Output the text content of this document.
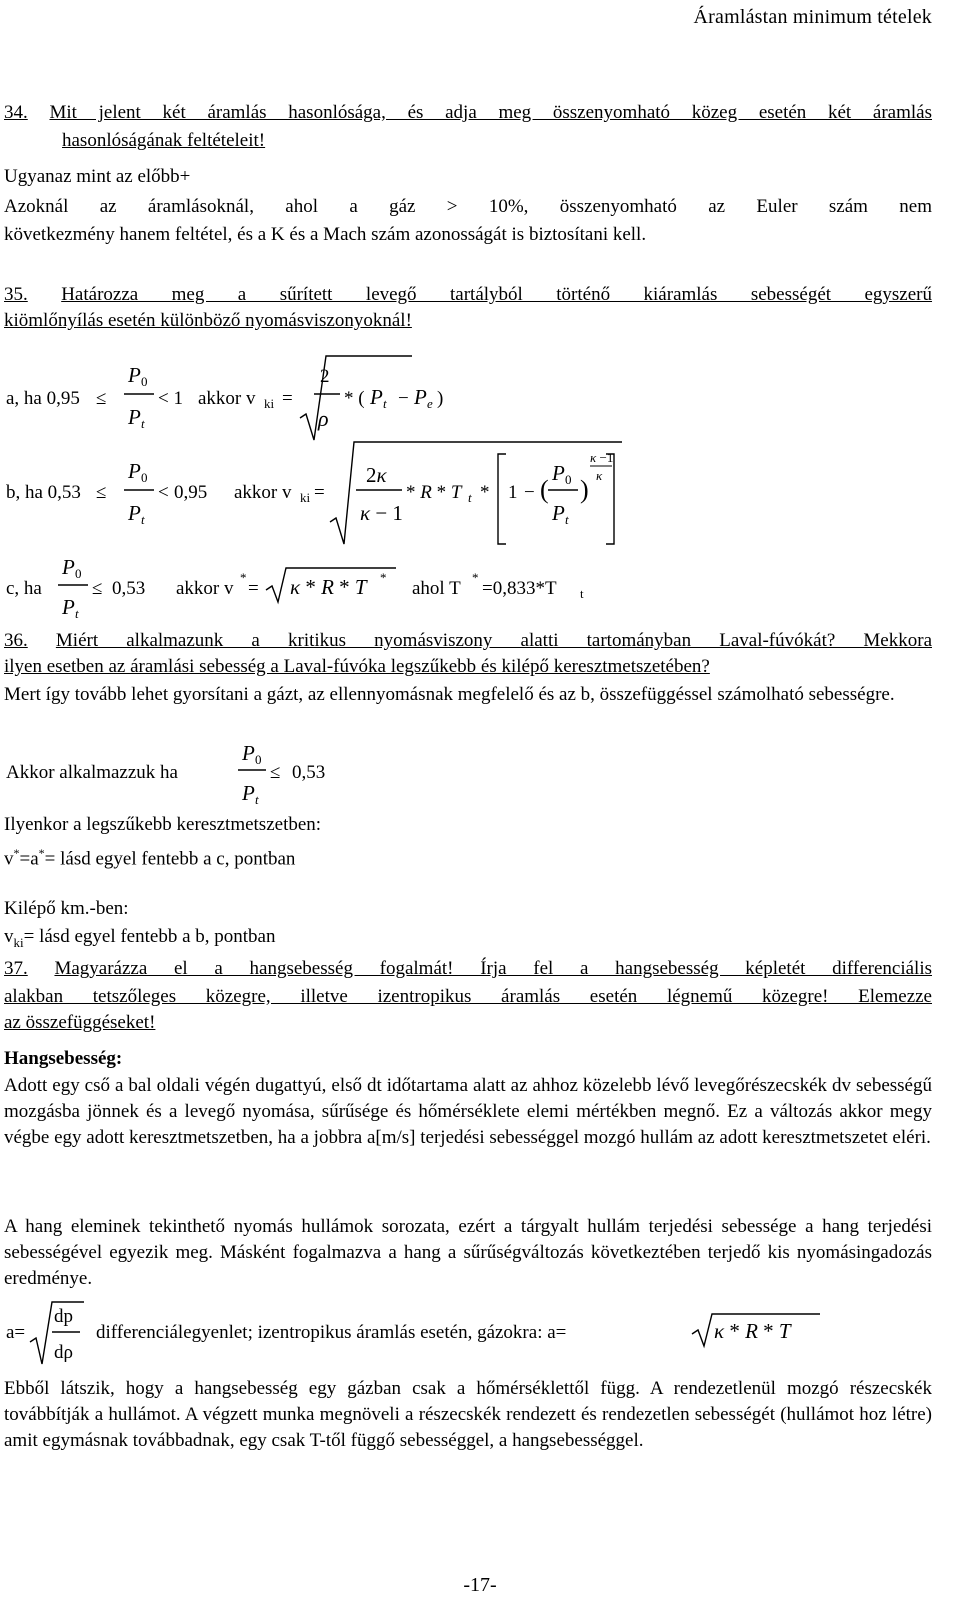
Áramlástan minimum tételek
34. Mit jelent két áramlás hasonlósága, és adja meg összenyomható közeg esetén két áramlás
hasonlóságának feltételeit!
Ugyanaz mint az előbb+
Azoknál az áramlásoknál, ahol a gáz > 10%, összenyomható az Euler szám nem
következmény hanem feltétel, és a K és a Mach szám azonosságát is biztosítani kell.
35. Határozza meg a sűrített levegő tartályból történő kiáramlás sebességét egyszerű
kiömlőnyílás esetén különböző nyomásviszonyoknál!
a, ha 0,95 ≤
P 0
P t
< 1 akkor v ki =
2
ρ
* ( P t − P e )
b, ha 0,53 ≤
P 0
P t
< 0,95 akkor v ki =
2κ
κ − 1
* R * T t * 1 − (
P 0
P t
)
κ −1
κ
c, ha
P 0
P t
≤ 0,53 akkor v
*
= κ * R * T *
ahol T
*
=0,833*T t
36. Miért alkalmazunk a kritikus nyomásviszony alatti tartományban Laval-fúvókát? Mekkora
ilyen esetben az áramlási sebesség a Laval-fúvóka legszűkebb és kilépő keresztmetszetében?
Mert így tovább lehet gyorsítani a gázt, az ellennyomásnak megfelelő és az b, összefüggéssel számolható sebességre.
Akkor alkalmazzuk ha
P 0
P t
≤ 0,53
Ilyenkor a legszűkebb keresztmetszetben:
v*=a*= lásd egyel fentebb a c, pontban
Kilépő km.-ben:
$v_{ki}=$ lásd egyel fentebb a b, pontban
37. Magyarázza el a hangsebesség fogalmát! Írja fel a hangsebesség képletét differenciális
alakban tetszőleges közegre, illetve izentropikus áramlás esetén légnemű közegre! Elemezze
az összefüggéseket!
Hangsebesség:
Adott egy cső a bal oldali végén dugattyú, első dt időtartama alatt az ahhoz közelebb lévő levegőrészecskék dv sebességű mozgásba jönnek és a levegő nyomása, sűrűsége és hőmérséklete elemi mértékben megnő. Ez a változás akkor megy végbe egy adott keresztmetszetben, ha a jobbra a[m/s] terjedési sebességgel mozgó hullám az adott keresztmetszetet eléri.
A hang eleminek tekinthető nyomás hullámok sorozata, ezért a tárgyalt hullám terjedési sebessége a hang terjedési sebességével egyezik meg. Másként fogalmazva a hang a sűrűségváltozás következtében terjedő kis nyomásingadozás eredménye.
a=
dp
dρ
differenciálegyenlet; izentropikus áramlás esetén, gázokra: a=	κ * R * T
Ebből látszik, hogy a hangsebesség egy gázban csak a hőmérséklettől függ. A rendezetlenül mozgó részecskék továbbítják a hullámot. A végzett munka megnöveli a részecskék rendezett és rendezetlen sebességét (hullámot hoz létre) amit egymásnak továbbadnak, egy csak T-től függő sebességgel, a hangsebességgel.
-17-
